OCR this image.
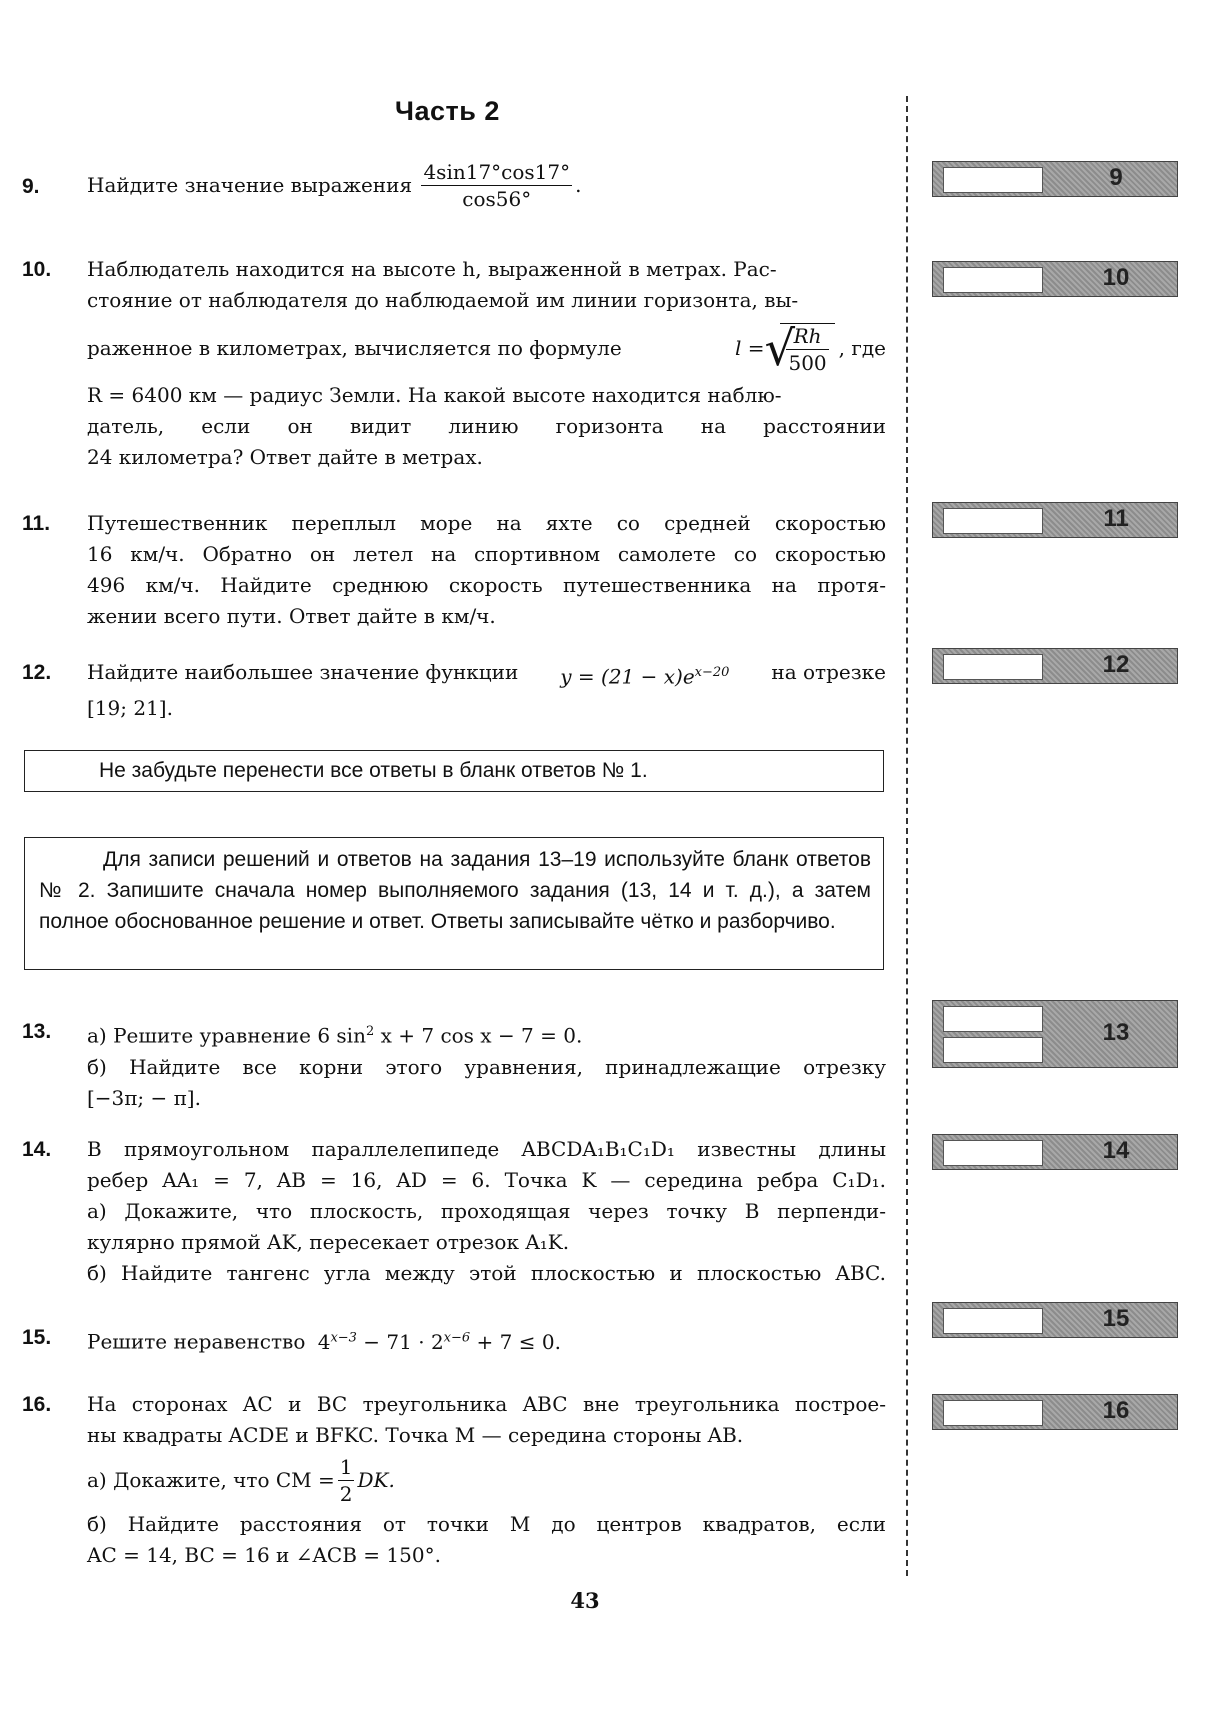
Часть 2
9.	Найдите значение выражения $\frac{4\sin 17^\circ\cos 17^\circ}{\cos 56^\circ}$ .
10.	Наблюдатель находится на высоте h, выраженной в метрах. Рас-
стояние от наблюдателя до наблюдаемой им линии горизонта, вы-
раженное в километрах, вычисляется по формуле	l = √
$\frac{Rh}{500}$ , где
R = 6400 км — радиус Земли. На какой высоте находится наблю-
датель, если он видит линию горизонта на расстоянии
24 километра? Ответ дайте в метрах.
11.	Путешественник переплыл море на яхте со средней скоростью
16 км/ч. Обратно он летел на спортивном самолете со скоростью
496 км/ч. Найдите среднюю скорость путешественника на протя-
жении всего пути. Ответ дайте в км/ч.
12.	Найдите наибольшее значение функции $y = (21 - x)e^{x-20}$ на отрезке
[19; 21].
Не забудьте перенести все ответы в бланк ответов № 1.
Для записи решений и ответов на задания 13–19 используйте бланк ответов № 2. Запишите сначала номер выполняемого задания (13, 14 и т. д.), а затем полное обоснованное решение и ответ. Ответы записывайте чётко и разборчиво.
13.	а) Решите уравнение 6 $\sin^2 x + 7$ cos x − 7 = 0.
б) Найдите все корни этого уравнения, принадлежащие отрезку
[−3π; − π].
14.	В прямоугольном параллелепипеде ABCDA₁B₁C₁D₁ известны длины
ребер AA₁ = 7, AB = 16, AD = 6. Точка K — середина ребра C₁D₁.
а) Докажите, что плоскость, проходящая через точку B перпенди-
кулярно прямой AK, пересекает отрезок A₁K.
б) Найдите тангенс угла между этой плоскостью и плоскостью ABC.
15.	Решите неравенство $4^{x-3} - 71 \cdot 2^{x-6} + 7 \le 0$.
16.	На сторонах AC и BC треугольника ABC вне треугольника построе-
ны квадраты ACDE и BFKC. Точка M — середина стороны AB.
а) Докажите, что CM = $\frac{1}{2}$ DK.
б) Найдите расстояния от точки M до центров квадратов, если
AC = 14, BC = 16 и ∠ACB = 150°.
9
10
11
12
13
14
15
16
43
